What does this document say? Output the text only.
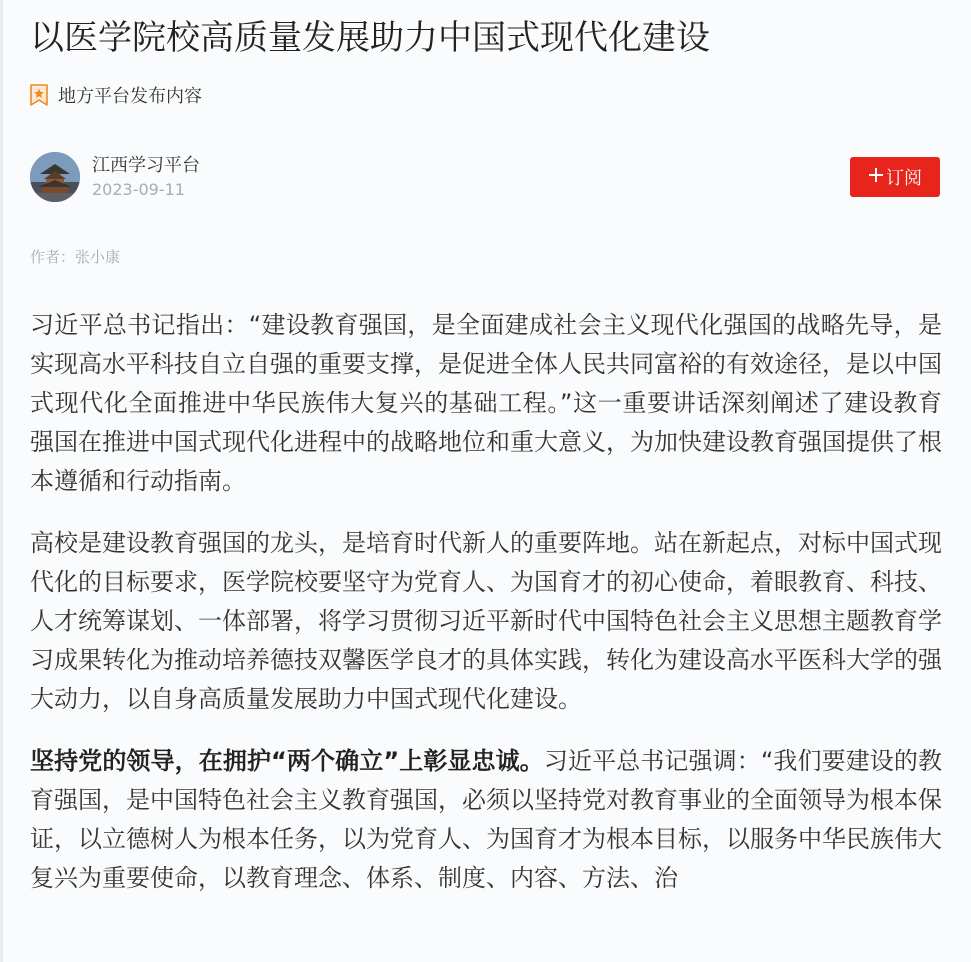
以医学院校高质量发展助力中国式现代化建设
地方平台发布内容
江西学习平台
2023-09-11
订阅
作者：张小康

习近平总书记指出：“建设教育强国，是全面建成社会主义现代化强国的战略先导，是实现高水平科技自立自强的重要支撑，是促进全体人民共同富裕的有效途径，是以中国式现代化全面推进中华民族伟大复兴的基础工程。”这一重要讲话深刻阐述了建设教育强国在推进中国式现代化进程中的战略地位和重大意义，为加快建设教育强国提供了根本遵循和行动指南。

高校是建设教育强国的龙头，是培育时代新人的重要阵地。站在新起点，对标中国式现代化的目标要求，医学院校要坚守为党育人、为国育才的初心使命，着眼教育、科技、人才统筹谋划、一体部署，将学习贯彻习近平新时代中国特色社会主义思想主题教育学习成果转化为推动培养德技双馨医学良才的具体实践，转化为建设高水平医科大学的强大动力，以自身高质量发展助力中国式现代化建设。

坚持党的领导，在拥护“两个确立”上彰显忠诚。习近平总书记强调：“我们要建设的教育强国，是中国特色社会主义教育强国，必须以坚持党对教育事业的全面领导为根本保证，以立德树人为根本任务，以为党育人、为国育才为根本目标，以服务中华民族伟大复兴为重要使命，以教育理念、体系、制度、内容、方法、治
